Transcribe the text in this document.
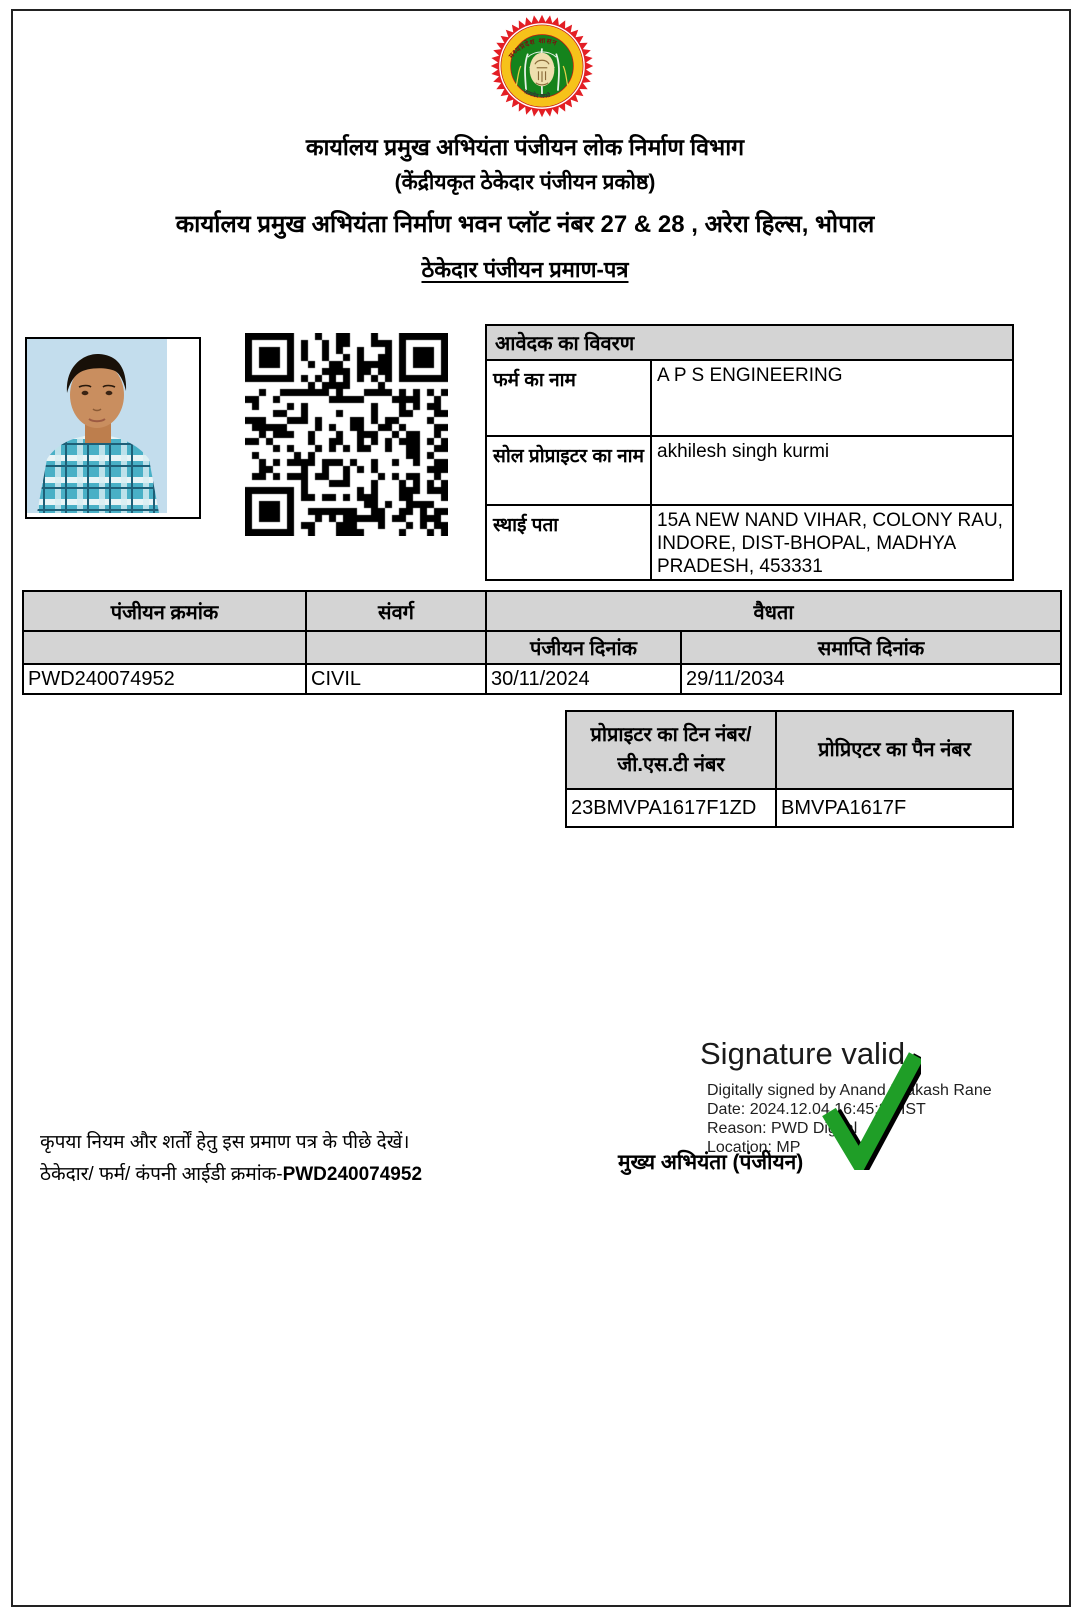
मध्यप्रदेश शासन
सत्यमेव जयते
कार्यालय प्रमुख अभियंता पंजीयन लोक निर्माण विभाग
(केंद्रीयकृत ठेकेदार पंजीयन प्रकोष्ठ)
कार्यालय प्रमुख अभियंता निर्माण भवन प्लॉट नंबर 27 & 28 , अरेरा हिल्स, भोपाल
ठेकेदार पंजीयन प्रमाण-पत्र
आवेदक का विवरण	
फर्म का नाम	A P S ENGINEERING
सोल प्रोप्राइटर का नाम	akhilesh singh kurmi
स्थाई पता	15A NEW NAND VIHAR, COLONY RAU, INDORE, DIST-BHOPAL, MADHYA PRADESH, 453331
पंजीयन क्रमांक	संवर्ग	वैधता	
		पंजीयन दिनांक	समाप्ति दिनांक
PWD240074952	CIVIL	30/11/2024	29/11/2034
प्रोप्राइटर का टिन नंबर/जी.एस.टी नंबर	प्रोप्रिएटर का पैन नंबर
23BMVPA1617F1ZD	BMVPA1617F
Signature valid
Digitally signed by Anand Prakash Rane
Date: 2024.12.04 16:45:28 IST
Reason: PWD Digital
Location: MP
मुख्य अभियंता (पंजीयन)
कृपया नियम और शर्तों हेतु इस प्रमाण पत्र के पीछे देखें।
ठेकेदार/ फर्म/ कंपनी आईडी क्रमांक-PWD240074952
